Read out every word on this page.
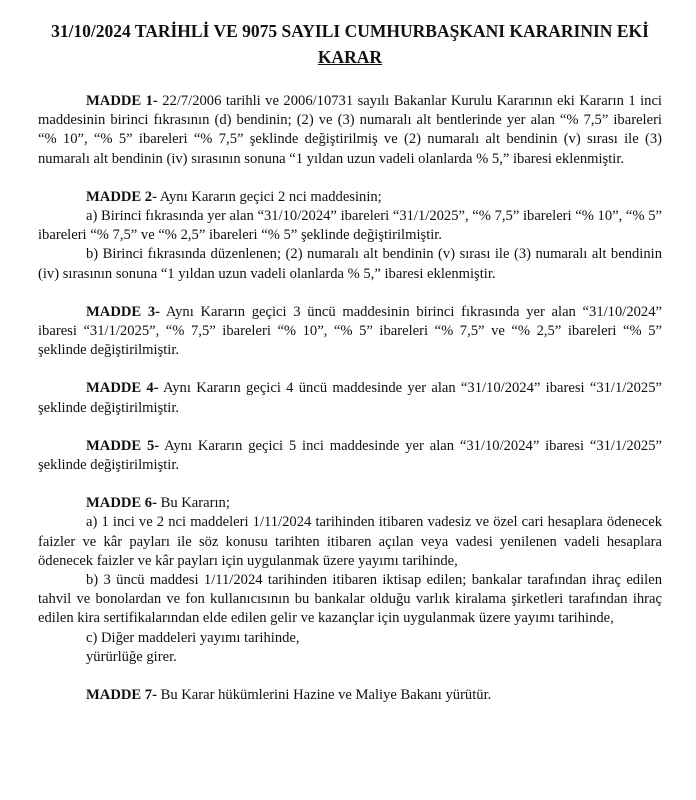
31/10/2024 TARİHLİ VE 9075 SAYILI CUMHURBAŞKANI KARARININ EKİ
KARAR

MADDE 1- 22/7/2006 tarihli ve 2006/10731 sayılı Bakanlar Kurulu Kararının eki Kararın 1 inci maddesinin birinci fıkrasının (d) bendinin; (2) ve (3) numaralı alt bentlerinde yer alan “% 7,5” ibareleri “% 10”, “% 5” ibareleri “% 7,5” şeklinde değiştirilmiş ve (2) numaralı alt bendinin (v) sırası ile (3) numaralı alt bendinin (iv) sırasının sonuna “1 yıldan uzun vadeli olanlarda % 5,” ibaresi eklenmiştir.

MADDE 2- Aynı Kararın geçici 2 nci maddesinin;

a) Birinci fıkrasında yer alan “31/10/2024” ibareleri “31/1/2025”, “% 7,5” ibareleri “% 10”, “% 5” ibareleri “% 7,5” ve “% 2,5” ibareleri “% 5” şeklinde değiştirilmiştir.

b) Birinci fıkrasında düzenlenen; (2) numaralı alt bendinin (v) sırası ile (3) numaralı alt bendinin (iv) sırasının sonuna “1 yıldan uzun vadeli olanlarda % 5,” ibaresi eklenmiştir.

MADDE 3- Aynı Kararın geçici 3 üncü maddesinin birinci fıkrasında yer alan “31/10/2024” ibaresi “31/1/2025”, “% 7,5” ibareleri “% 10”, “% 5” ibareleri “% 7,5” ve “% 2,5” ibareleri “% 5” şeklinde değiştirilmiştir.

MADDE 4- Aynı Kararın geçici 4 üncü maddesinde yer alan “31/10/2024” ibaresi “31/1/2025” şeklinde değiştirilmiştir.

MADDE 5- Aynı Kararın geçici 5 inci maddesinde yer alan “31/10/2024” ibaresi “31/1/2025” şeklinde değiştirilmiştir.

MADDE 6- Bu Kararın;

a) 1 inci ve 2 nci maddeleri 1/11/2024 tarihinden itibaren vadesiz ve özel cari hesaplara ödenecek faizler ve kâr payları ile söz konusu tarihten itibaren açılan veya vadesi yenilenen vadeli hesaplara ödenecek faizler ve kâr payları için uygulanmak üzere yayımı tarihinde,

b) 3 üncü maddesi 1/11/2024 tarihinden itibaren iktisap edilen; bankalar tarafından ihraç edilen tahvil ve bonolardan ve fon kullanıcısının bu bankalar olduğu varlık kiralama şirketleri tarafından ihraç edilen kira sertifikalarından elde edilen gelir ve kazançlar için uygulanmak üzere yayımı tarihinde,

c) Diğer maddeleri yayımı tarihinde,

yürürlüğe girer.

MADDE 7- Bu Karar hükümlerini Hazine ve Maliye Bakanı yürütür.
